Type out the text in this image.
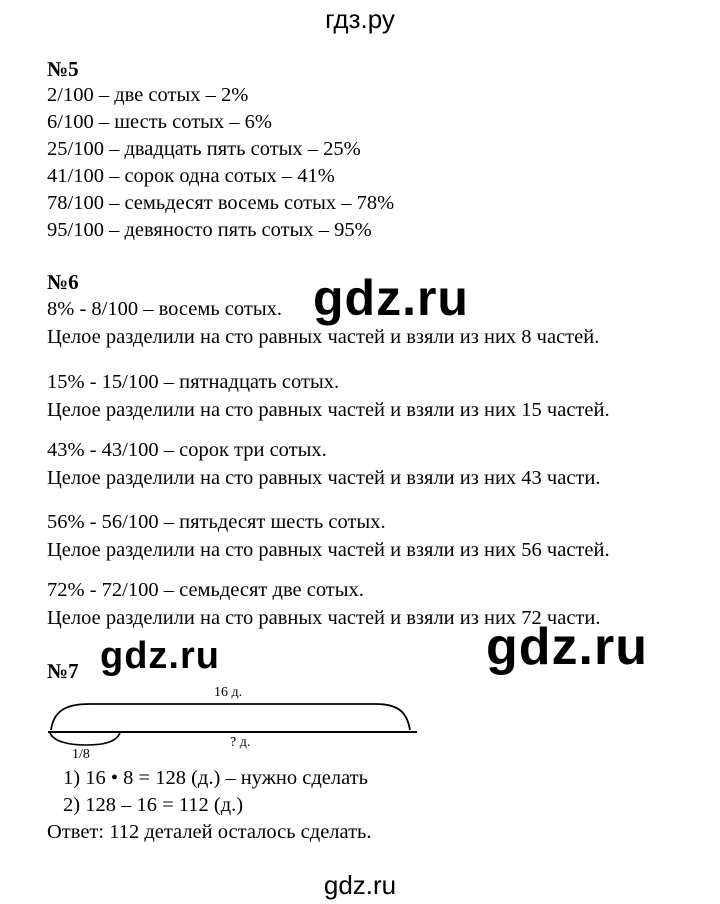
гдз.ру
№5
2/100 – две сотых – 2%
6/100 – шесть сотых – 6%
25/100 – двадцать пять сотых – 25%
41/100 – сорок одна сотых – 41%
78/100 – семьдесят восемь сотых – 78%
95/100 – девяносто пять сотых – 95%
№6
8% - 8/100 – восемь сотых.
Целое разделили на сто равных частей и взяли из них 8 частей.
15% - 15/100 – пятнадцать сотых.
Целое разделили на сто равных частей и взяли из них 15 частей.
43% - 43/100 – сорок три сотых.
Целое разделили на сто равных частей и взяли из них 43 части.
56% - 56/100 – пятьдесят шесть сотых.
Целое разделили на сто равных частей и взяли из них 56 частей.
72% - 72/100 – семьдесят две сотых.
Целое разделили на сто равных частей и взяли из них 72 части.
№7
16 д.
1/8
? д.
1) 16 • 8 = 128 (д.) – нужно сделать
2) 128 – 16 = 112 (д.)
Ответ: 112 деталей осталось сделать.
gdz.ru
gdz.ru	gdz.ru
gdz.ru
